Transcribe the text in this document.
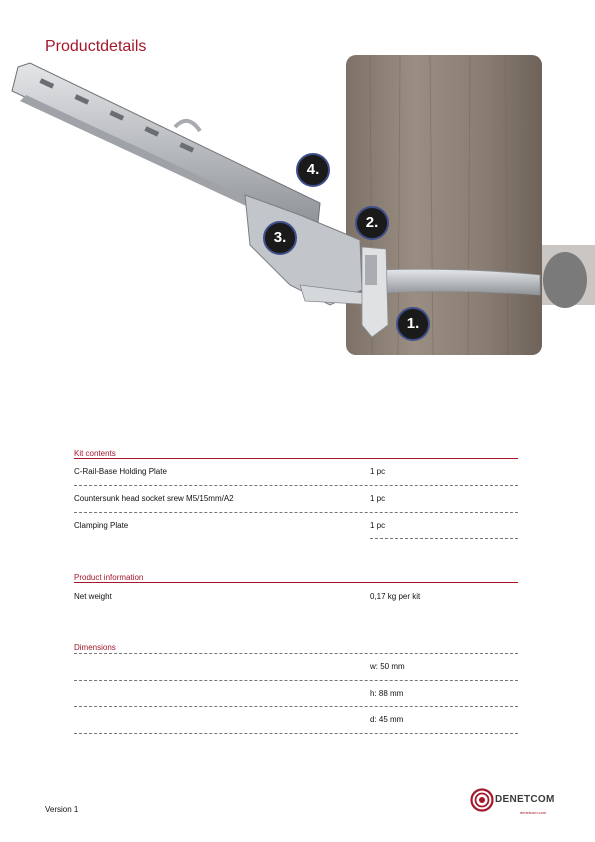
Productdetails
4.
2.
3.
1.
Kit contents
C-Rail-Base Holding Plate	1 pc
Countersunk head socket srew M5/15mm/A2	1 pc
Clamping Plate	1 pc
Product information
Net weight	0,17 kg per kit
Dimensions
w: 50 mm
h: 88 mm
d: 45 mm
Version 1
DENETCOM
denetcom.com
